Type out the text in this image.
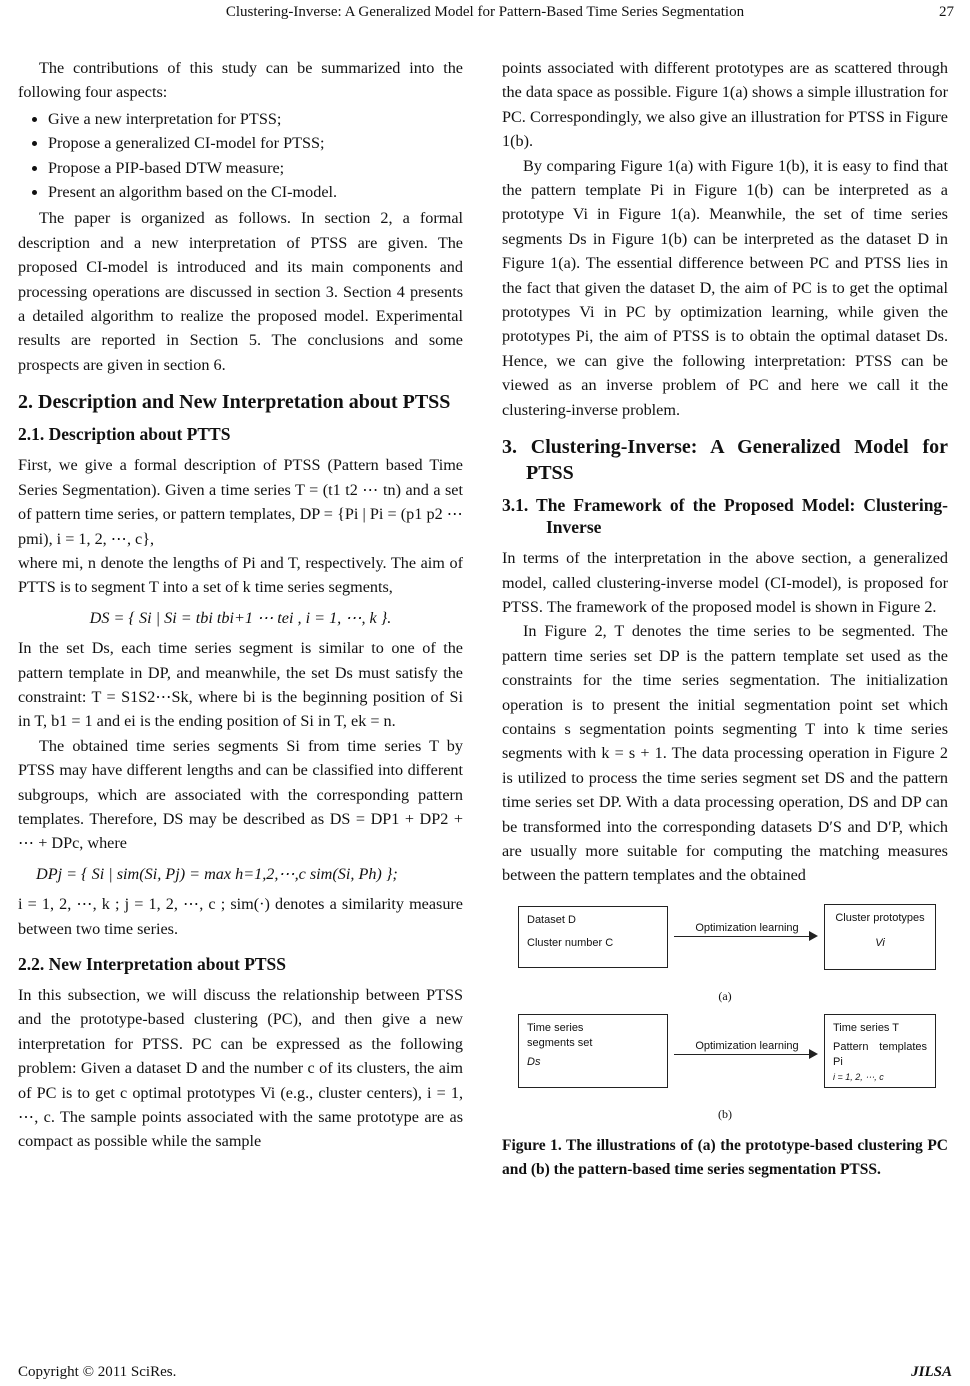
Clustering-Inverse: A Generalized Model for Pattern-Based Time Series Segmentation	27

The contributions of this study can be summarized into the following four aspects:

• Give a new interpretation for PTSS;
• Propose a generalized CI-model for PTSS;
• Propose a PIP-based DTW measure;
• Present an algorithm based on the CI-model.

The paper is organized as follows. In section 2, a formal description and a new interpretation of PTSS are given. The proposed CI-model is introduced and its main components and processing operations are discussed in section 3. Section 4 presents a detailed algorithm to realize the proposed model. Experimental results are reported in Section 5. The conclusions and some prospects are given in section 6.

2. Description and New Interpretation about PTSS
2.1. Description about PTTS

First, we give a formal description of PTSS (Pattern based Time Series Segmentation). Given a time series T = (t1 t2 ⋯ tn) and a set of pattern time series, or pattern templates, DP = {Pi | Pi = (p1 p2 ⋯ pmi), i = 1, 2, ⋯, c},

where mi, n denote the lengths of Pi and T, respectively. The aim of PTTS is to segment T into a set of k time series segments,

DS = { Si | Si = tbi tbi+1 ⋯ tei , i = 1, ⋯, k }.

In the set Ds, each time series segment is similar to one of the pattern template in DP, and meanwhile, the set Ds must satisfy the constraint: T = S1S2⋯Sk, where bi is the beginning position of Si in T, b1 = 1 and ei is the ending position of Si in T, ek = n.

The obtained time series segments Si from time series T by PTSS may have different lengths and can be classified into different subgroups, which are associated with the corresponding pattern templates. Therefore, DS may be described as DS = DP1 + DP2 + ⋯ + DPc, where

DPj = { Si | sim(Si, Pj) = max h=1,2,⋯,c sim(Si, Ph) };

i = 1, 2, ⋯, k ; j = 1, 2, ⋯, c ; sim(·) denotes a similarity measure between two time series.

2.2. New Interpretation about PTSS

In this subsection, we will discuss the relationship between PTSS and the prototype-based clustering (PC), and then give a new interpretation for PTSS. PC can be expressed as the following problem: Given a dataset D and the number c of its clusters, the aim of PC is to get c optimal prototypes Vi (e.g., cluster centers), i = 1, ⋯, c. The sample points associated with the same prototype are as compact as possible while the sample

points associated with different prototypes are as scattered through the data space as possible. Figure 1(a) shows a simple illustration for PC. Correspondingly, we also give an illustration for PTSS in Figure 1(b).

By comparing Figure 1(a) with Figure 1(b), it is easy to find that the pattern template Pi in Figure 1(b) can be interpreted as a prototype Vi in Figure 1(a). Meanwhile, the set of time series segments Ds in Figure 1(b) can be interpreted as the dataset D in Figure 1(a). The essential difference between PC and PTSS lies in the fact that given the dataset D, the aim of PC is to get the optimal prototypes Vi in PC by optimization learning, while given the prototypes Pi, the aim of PTSS is to obtain the optimal dataset Ds. Hence, we can give the following interpretation: PTSS can be viewed as an inverse problem of PC and here we call it the clustering-inverse problem.

3. Clustering-Inverse: A Generalized Model for PTSS
3.1. The Framework of the Proposed Model: Clustering-Inverse

In terms of the interpretation in the above section, a generalized model, called clustering-inverse model (CI-model), is proposed for PTSS. The framework of the proposed model is shown in Figure 2.

In Figure 2, T denotes the time series to be segmented. The pattern time series set DP is the pattern template set used as the constraints for the time series segmentation. The initialization operation is to present the initial segmentation point set which contains s segmentation points segmenting T into k time series segments with k = s + 1. The data processing operation in Figure 2 is utilized to process the time series segment set DS and the pattern time series set DP. With a data processing operation, DS and DP can be transformed into the corresponding datasets D′S and D′P, which are usually more suitable for computing the matching measures between the pattern templates and the obtained

Dataset D
Cluster number C
Optimization learning
Cluster prototypes
Vi
(a)
Time series
segments set
Ds
Optimization learning
Time series T
Pattern templates Pi
i = 1, 2, ⋯, c
(b)
Figure 1. The illustrations of (a) the prototype-based clustering PC and (b) the pattern-based time series segmentation PTSS.
Copyright © 2011 SciRes.	JILSA
